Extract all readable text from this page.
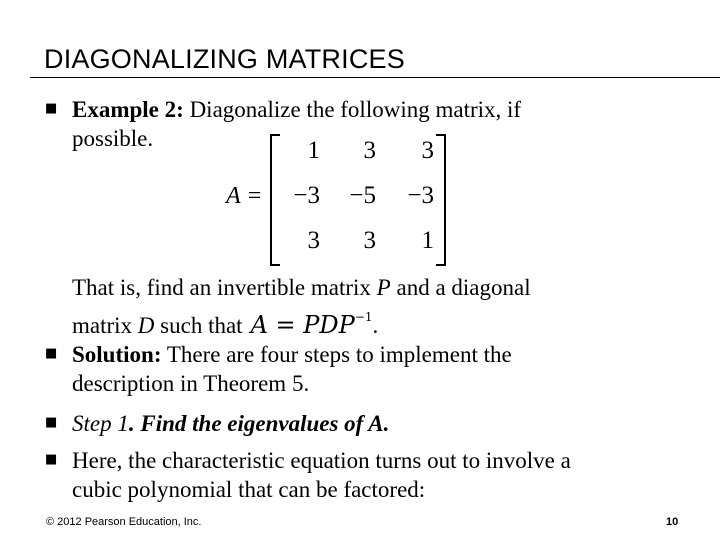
DIAGONALIZING MATRICES
■ Example 2: Diagonalize the following matrix, if
possible.
A =
1	3	3
−3	−5	−3
3	3	1
That is, find an invertible matrix P and a diagonal
matrix D such that $A = PDP^{-1}$.
■ Solution: There are four steps to implement the
description in Theorem 5.
■ Step 1. Find the eigenvalues of A.
■ Here, the characteristic equation turns out to involve a
cubic polynomial that can be factored:
© 2012 Pearson Education, Inc.	10
